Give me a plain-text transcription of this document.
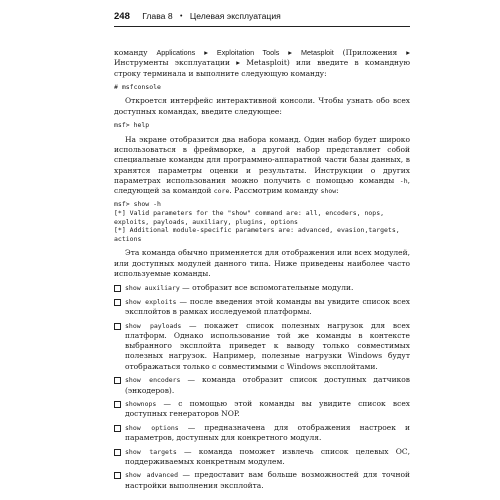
248 Глава 8 • Целевая эксплуатация

команду Applications ▸ Exploitation Tools ▸ Metasploit (Приложения ▸ Инструменты эксплуатации ▸ Metasploit) или введите в командную строку терминала и выполните следующую команду:

# msfconsole

Откроется интерфейс интерактивной консоли. Чтобы узнать обо всех доступных командах, введите следующее:

msf> help

На экране отобразится два набора команд. Один набор будет широко использоваться в фреймворке, а другой набор представляет собой специальные команды для программно-аппаратной части базы данных, в хранятся параметры оценки и результаты. Инструкции о других параметрах использования можно получить с помощью команды -h, следующей за командой core. Рассмотрим команду show:

msf> show -h
[*] Valid parameters for the "show" command are: all, encoders, nops,
exploits, payloads, auxiliary, plugins, options
[*] Additional module-specific parameters are: advanced, evasion,targets,
actions

Эта команда обычно применяется для отображения или всех модулей, или доступных модулей данного типа. Ниже приведены наиболее часто используемые команды.

show auxiliary — отобразит все вспомогательные модули.
show exploits — после введения этой команды вы увидите список всех эксплойтов в рамках исследуемой платформы.
show payloads — покажет список полезных нагрузок для всех платформ. Однако использование той же команды в контексте выбранного эксплойта приведет к выводу только совместимых полезных нагрузок. Например, полезные нагрузки Windows будут отображаться только с совместимыми с Windows эксплойтами.
show encoders — команда отобразит список доступных датчиков (энкодеров).
shownops — с помощью этой команды вы увидите список всех доступных генераторов NOP.
show options — предназначена для отображения настроек и параметров, доступных для конкретного модуля.
show targets — команда поможет извлечь список целевых ОС, поддерживаемых конкретным модулем.
show advanced — предоставит вам больше возможностей для точной настройки выполнения эксплойта.
